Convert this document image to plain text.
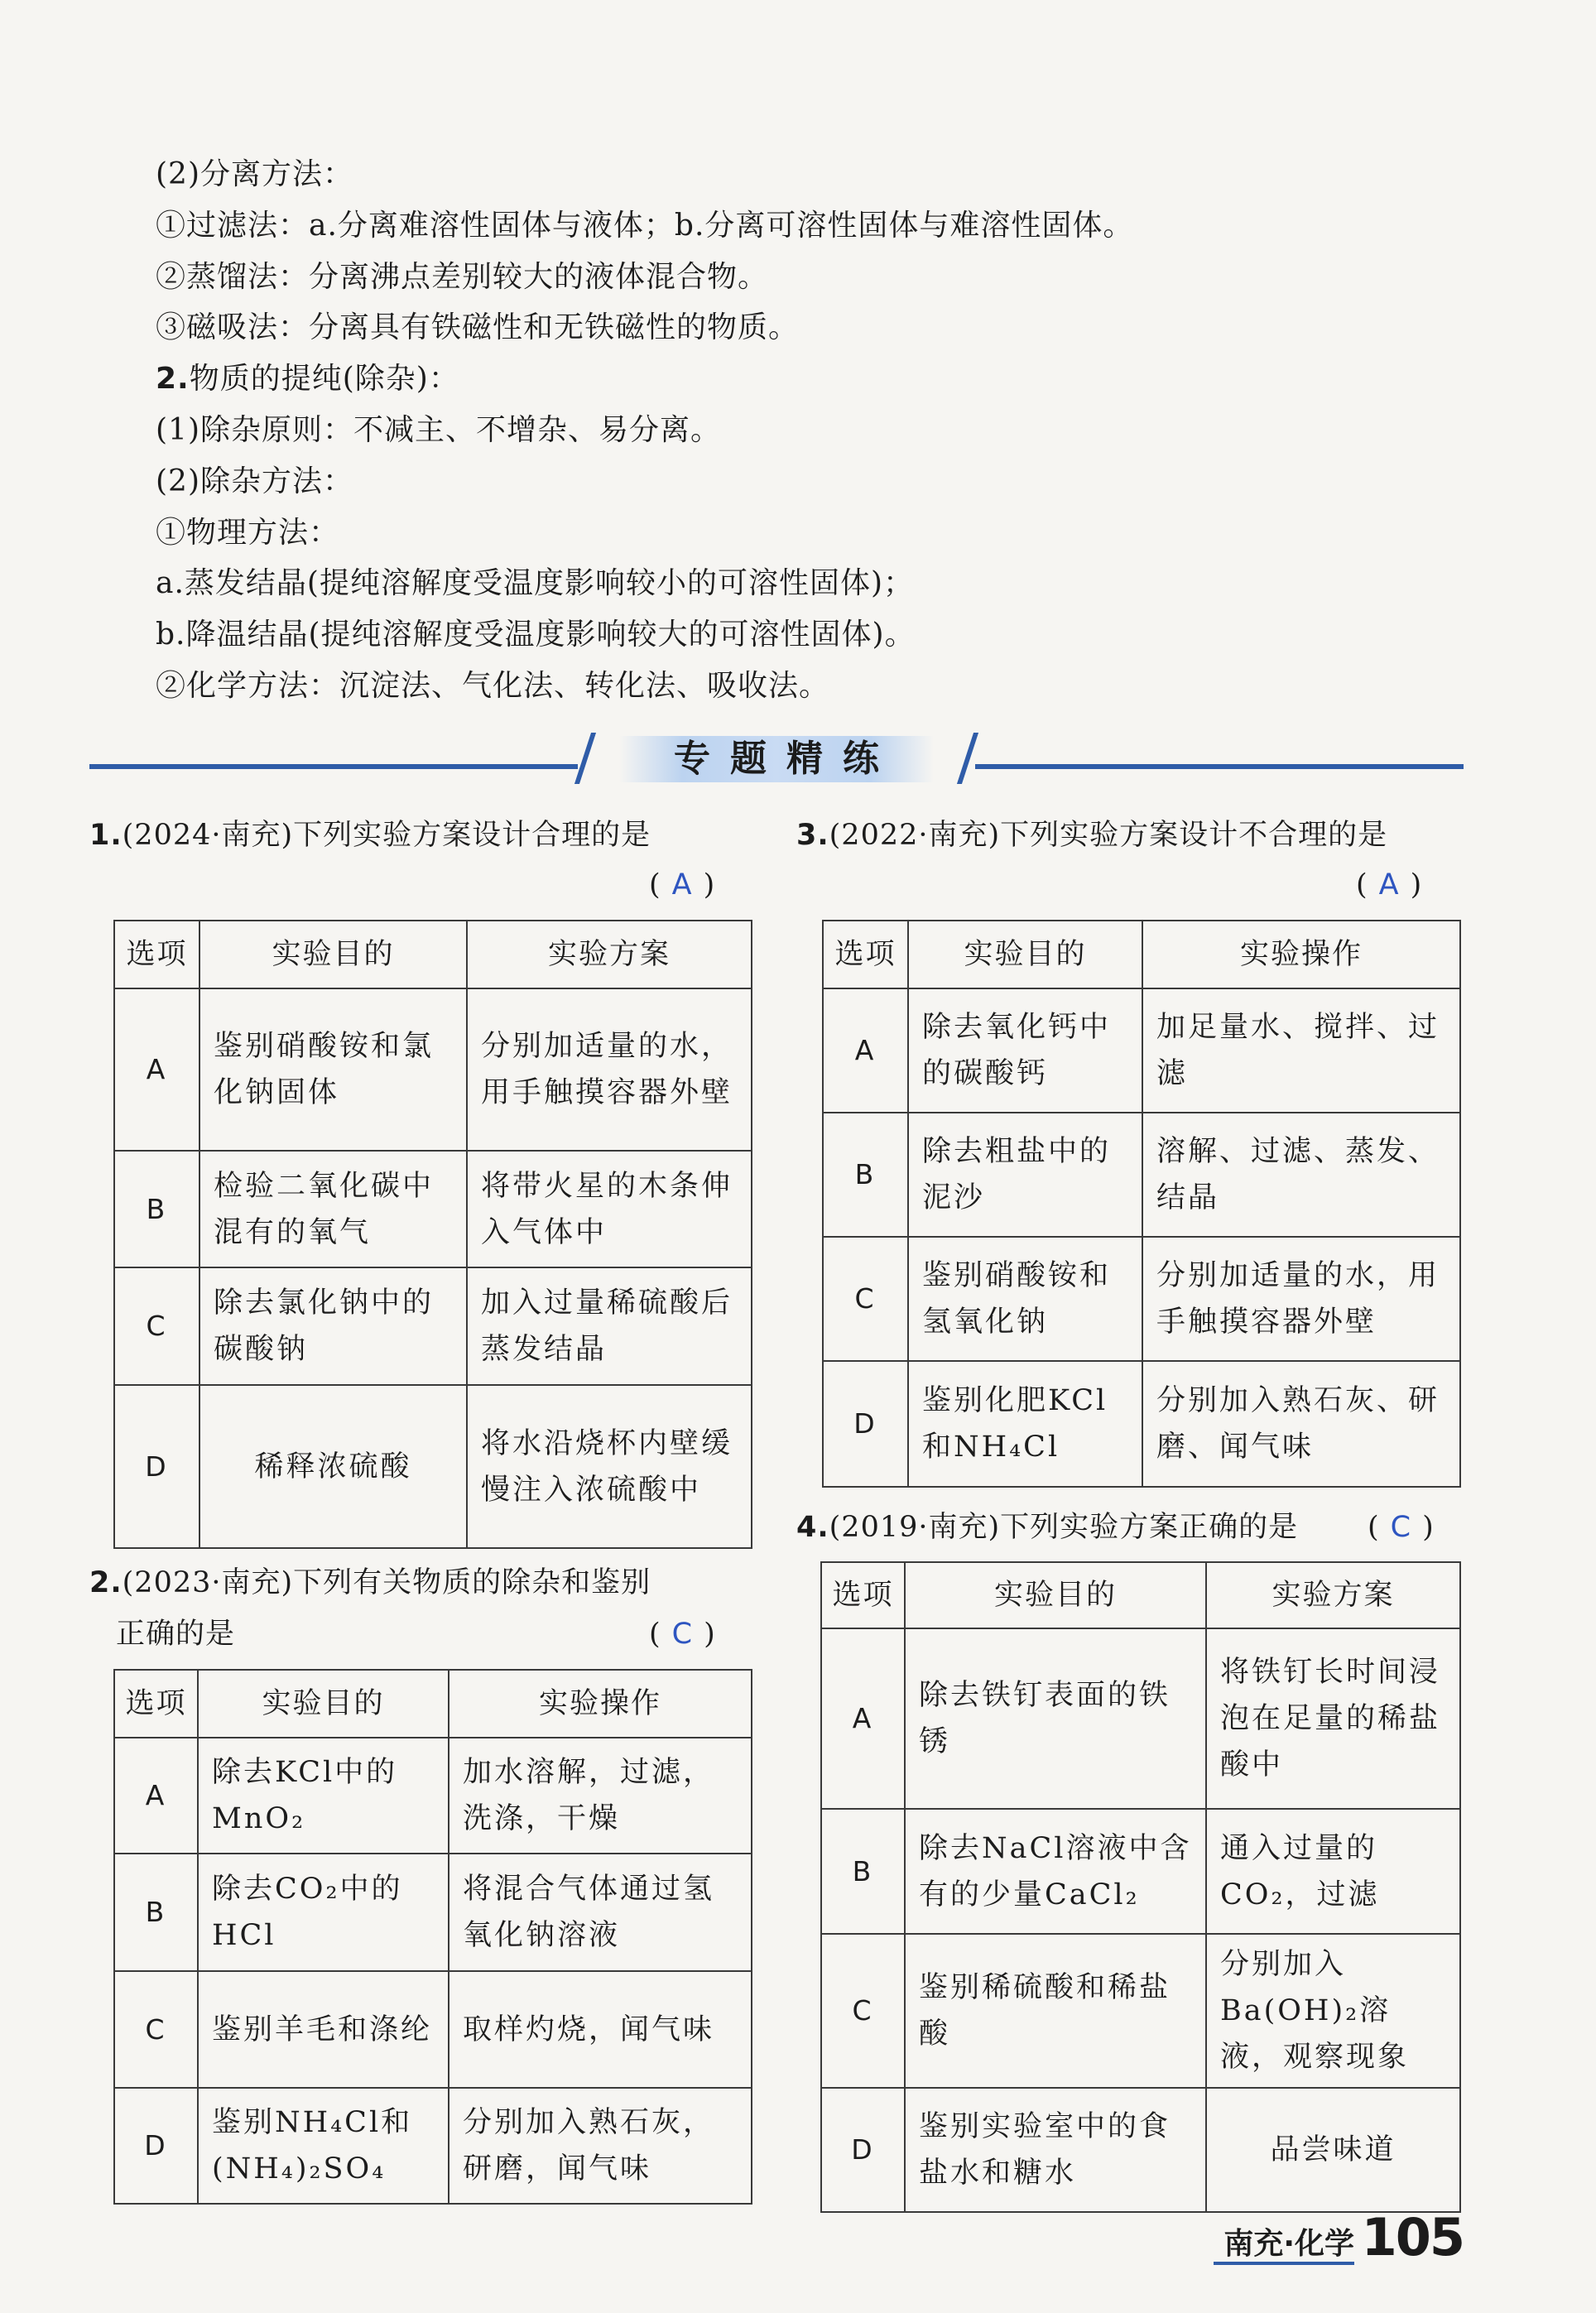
(2)分离方法：
①过滤法：a.分离难溶性固体与液体；b.分离可溶性固体与难溶性固体。
②蒸馏法：分离沸点差别较大的液体混合物。
③磁吸法：分离具有铁磁性和无铁磁性的物质。
2.物质的提纯(除杂)：
(1)除杂原则：不减主、不增杂、易分离。
(2)除杂方法：
①物理方法：
a.蒸发结晶(提纯溶解度受温度影响较小的可溶性固体)；
b.降温结晶(提纯溶解度受温度影响较大的可溶性固体)。
②化学方法：沉淀法、气化法、转化法、吸收法。
专题精练
1.(2024·南充)下列实验方案设计合理的是
( A )
选项	实验目的	实验方案
A	鉴别硝酸铵和氯化钠固体	分别加适量的水，用手触摸容器外壁
B	检验二氧化碳中混有的氧气	将带火星的木条伸入气体中
C	除去氯化钠中的碳酸钠	加入过量稀硫酸后蒸发结晶
D	稀释浓硫酸	将水沿烧杯内壁缓慢注入浓硫酸中
2.(2023·南充)下列有关物质的除杂和鉴别
正确的是	( C )
选项	实验目的	实验操作
A	除去KCl中的MnO₂	加水溶解，过滤，洗涤，干燥
B	除去CO₂中的HCl	将混合气体通过氢氧化钠溶液
C	鉴别羊毛和涤纶	取样灼烧，闻气味
D	鉴别NH₄Cl和(NH₄)₂SO₄	分别加入熟石灰，研磨，闻气味
3.(2022·南充)下列实验方案设计不合理的是
( A )
选项	实验目的	实验操作
A	除去氧化钙中的碳酸钙	加足量水、搅拌、过滤
B	除去粗盐中的泥沙	溶解、过滤、蒸发、结晶
C	鉴别硝酸铵和氢氧化钠	分别加适量的水，用手触摸容器外壁
D	鉴别化肥KCl和NH₄Cl	分别加入熟石灰、研磨、闻气味
4.(2019·南充)下列实验方案正确的是 ( C )
选项	实验目的	实验方案
A	除去铁钉表面的铁锈	将铁钉长时间浸泡在足量的稀盐酸中
B	除去NaCl溶液中含有的少量CaCl₂	通入过量的CO₂，过滤
C	鉴别稀硫酸和稀盐酸	分别加入Ba(OH)₂溶液，观察现象
D	鉴别实验室中的食盐水和糖水	品尝味道
南充·化学 105
